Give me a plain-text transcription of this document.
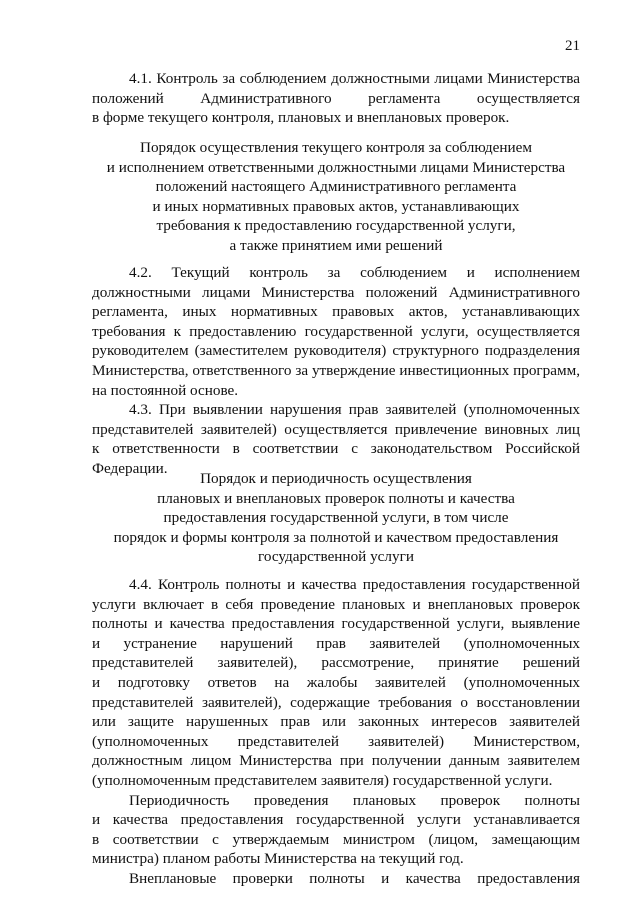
21
4.1. Контроль за соблюдением должностными лицами Министерства
положений Административного регламента осуществляется
в форме текущего контроля, плановых и внеплановых проверок.
Порядок осуществления текущего контроля за соблюдением
и исполнением ответственными должностными лицами Министерства
положений настоящего Административного регламента
и иных нормативных правовых актов, устанавливающих
требования к предоставлению государственной услуги,
а также принятием ими решений
4.2. Текущий контроль за соблюдением и исполнением
должностными лицами Министерства положений Административного
регламента, иных нормативных правовых актов, устанавливающих
требования к предоставлению государственной услуги, осуществляется
руководителем (заместителем руководителя) структурного подразделения
Министерства, ответственного за утверждение инвестиционных программ,
на постоянной основе.
4.3. При выявлении нарушения прав заявителей (уполномоченных
представителей заявителей) осуществляется привлечение виновных лиц
к ответственности в соответствии с законодательством Российской
Федерации.
Порядок и периодичность осуществления
плановых и внеплановых проверок полноты и качества
предоставления государственной услуги, в том числе
порядок и формы контроля за полнотой и качеством предоставления
государственной услуги
4.4. Контроль полноты и качества предоставления государственной
услуги включает в себя проведение плановых и внеплановых проверок
полноты и качества предоставления государственной услуги, выявление
и устранение нарушений прав заявителей (уполномоченных
представителей заявителей), рассмотрение, принятие решений
и подготовку ответов на жалобы заявителей (уполномоченных
представителей заявителей), содержащие требования о восстановлении
или защите нарушенных прав или законных интересов заявителей
(уполномоченных представителей заявителей) Министерством,
должностным лицом Министерства при получении данным заявителем
(уполномоченным представителем заявителя) государственной услуги.
Периодичность проведения плановых проверок полноты
и качества предоставления государственной услуги устанавливается
в соответствии с утверждаемым министром (лицом, замещающим
министра) планом работы Министерства на текущий год.
Внеплановые проверки полноты и качества предоставления
